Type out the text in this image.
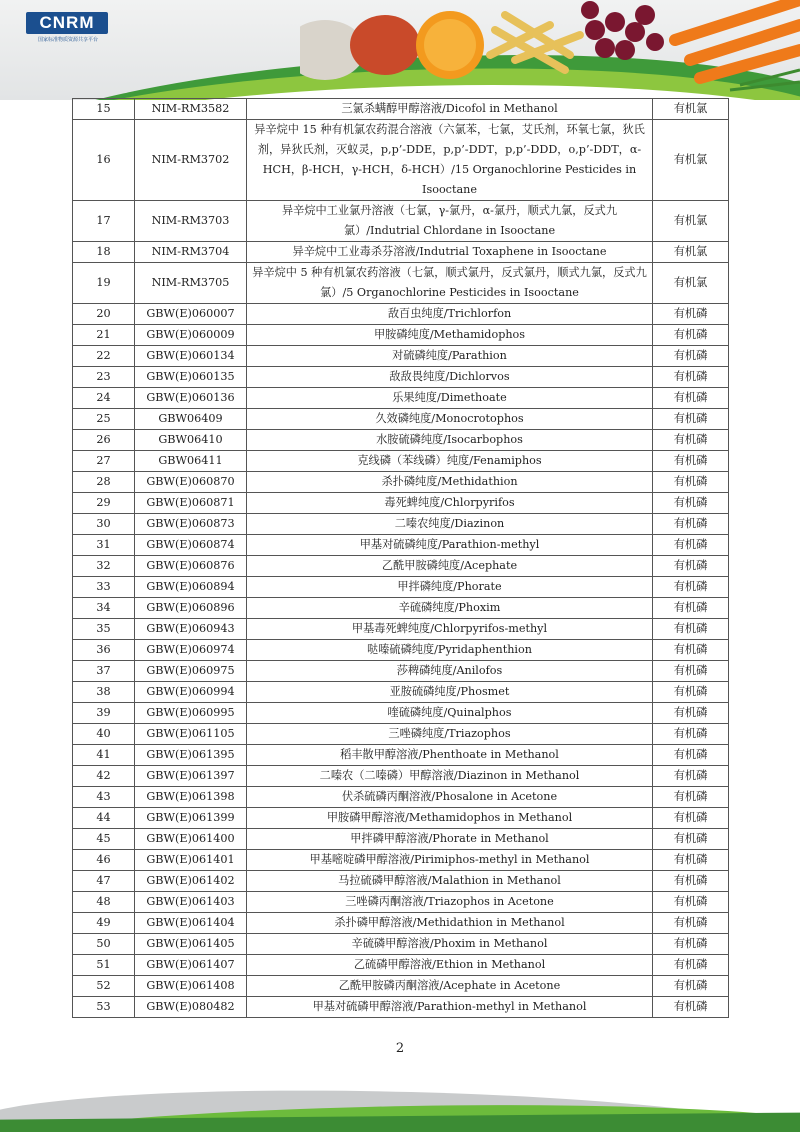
CNRM
国家标准物质资源共享平台
15	NIM-RM3582	三氯杀螨醇甲醇溶液/Dicofol in Methanol	有机氯
16	NIM-RM3702	异辛烷中 15 种有机氯农药混合溶液（六氯苯，七氯，艾氏剂，环氧七氯，狄氏剂，异狄氏剂，灭蚁灵，p,p’-DDE，p,p’-DDT，p,p’-DDD，o,p’-DDT，α-HCH，β-HCH，γ-HCH，δ-HCH）/15 Organochlorine Pesticides in Isooctane	有机氯
17	NIM-RM3703	异辛烷中工业氯丹溶液（七氯，γ-氯丹，α-氯丹，顺式九氯，反式九氯）/Indutrial Chlordane in Isooctane	有机氯
18	NIM-RM3704	异辛烷中工业毒杀芬溶液/Indutrial Toxaphene in Isooctane	有机氯
19	NIM-RM3705	异辛烷中 5 种有机氯农药溶液（七氯，顺式氯丹，反式氯丹，顺式九氯，反式九氯）/5 Organochlorine Pesticides in Isooctane	有机氯
20	GBW(E)060007	敌百虫纯度/Trichlorfon	有机磷
21	GBW(E)060009	甲胺磷纯度/Methamidophos	有机磷
22	GBW(E)060134	对硫磷纯度/Parathion	有机磷
23	GBW(E)060135	敌敌畏纯度/Dichlorvos	有机磷
24	GBW(E)060136	乐果纯度/Dimethoate	有机磷
25	GBW06409	久效磷纯度/Monocrotophos	有机磷
26	GBW06410	水胺硫磷纯度/Isocarbophos	有机磷
27	GBW06411	克线磷（苯线磷）纯度/Fenamiphos	有机磷
28	GBW(E)060870	杀扑磷纯度/Methidathion	有机磷
29	GBW(E)060871	毒死蜱纯度/Chlorpyrifos	有机磷
30	GBW(E)060873	二嗪农纯度/Diazinon	有机磷
31	GBW(E)060874	甲基对硫磷纯度/Parathion-methyl	有机磷
32	GBW(E)060876	乙酰甲胺磷纯度/Acephate	有机磷
33	GBW(E)060894	甲拌磷纯度/Phorate	有机磷
34	GBW(E)060896	辛硫磷纯度/Phoxim	有机磷
35	GBW(E)060943	甲基毒死蜱纯度/Chlorpyrifos-methyl	有机磷
36	GBW(E)060974	哒嗪硫磷纯度/Pyridaphenthion	有机磷
37	GBW(E)060975	莎稗磷纯度/Anilofos	有机磷
38	GBW(E)060994	亚胺硫磷纯度/Phosmet	有机磷
39	GBW(E)060995	喹硫磷纯度/Quinalphos	有机磷
40	GBW(E)061105	三唑磷纯度/Triazophos	有机磷
41	GBW(E)061395	稻丰散甲醇溶液/Phenthoate in Methanol	有机磷
42	GBW(E)061397	二嗪农（二嗪磷）甲醇溶液/Diazinon in Methanol	有机磷
43	GBW(E)061398	伏杀硫磷丙酮溶液/Phosalone in Acetone	有机磷
44	GBW(E)061399	甲胺磷甲醇溶液/Methamidophos in Methanol	有机磷
45	GBW(E)061400	甲拌磷甲醇溶液/Phorate in Methanol	有机磷
46	GBW(E)061401	甲基嘧啶磷甲醇溶液/Pirimiphos-methyl in Methanol	有机磷
47	GBW(E)061402	马拉硫磷甲醇溶液/Malathion in Methanol	有机磷
48	GBW(E)061403	三唑磷丙酮溶液/Triazophos in Acetone	有机磷
49	GBW(E)061404	杀扑磷甲醇溶液/Methidathion in Methanol	有机磷
50	GBW(E)061405	辛硫磷甲醇溶液/Phoxim in Methanol	有机磷
51	GBW(E)061407	乙硫磷甲醇溶液/Ethion in Methanol	有机磷
52	GBW(E)061408	乙酰甲胺磷丙酮溶液/Acephate in Acetone	有机磷
53	GBW(E)080482	甲基对硫磷甲醇溶液/Parathion-methyl in Methanol	有机磷
2
